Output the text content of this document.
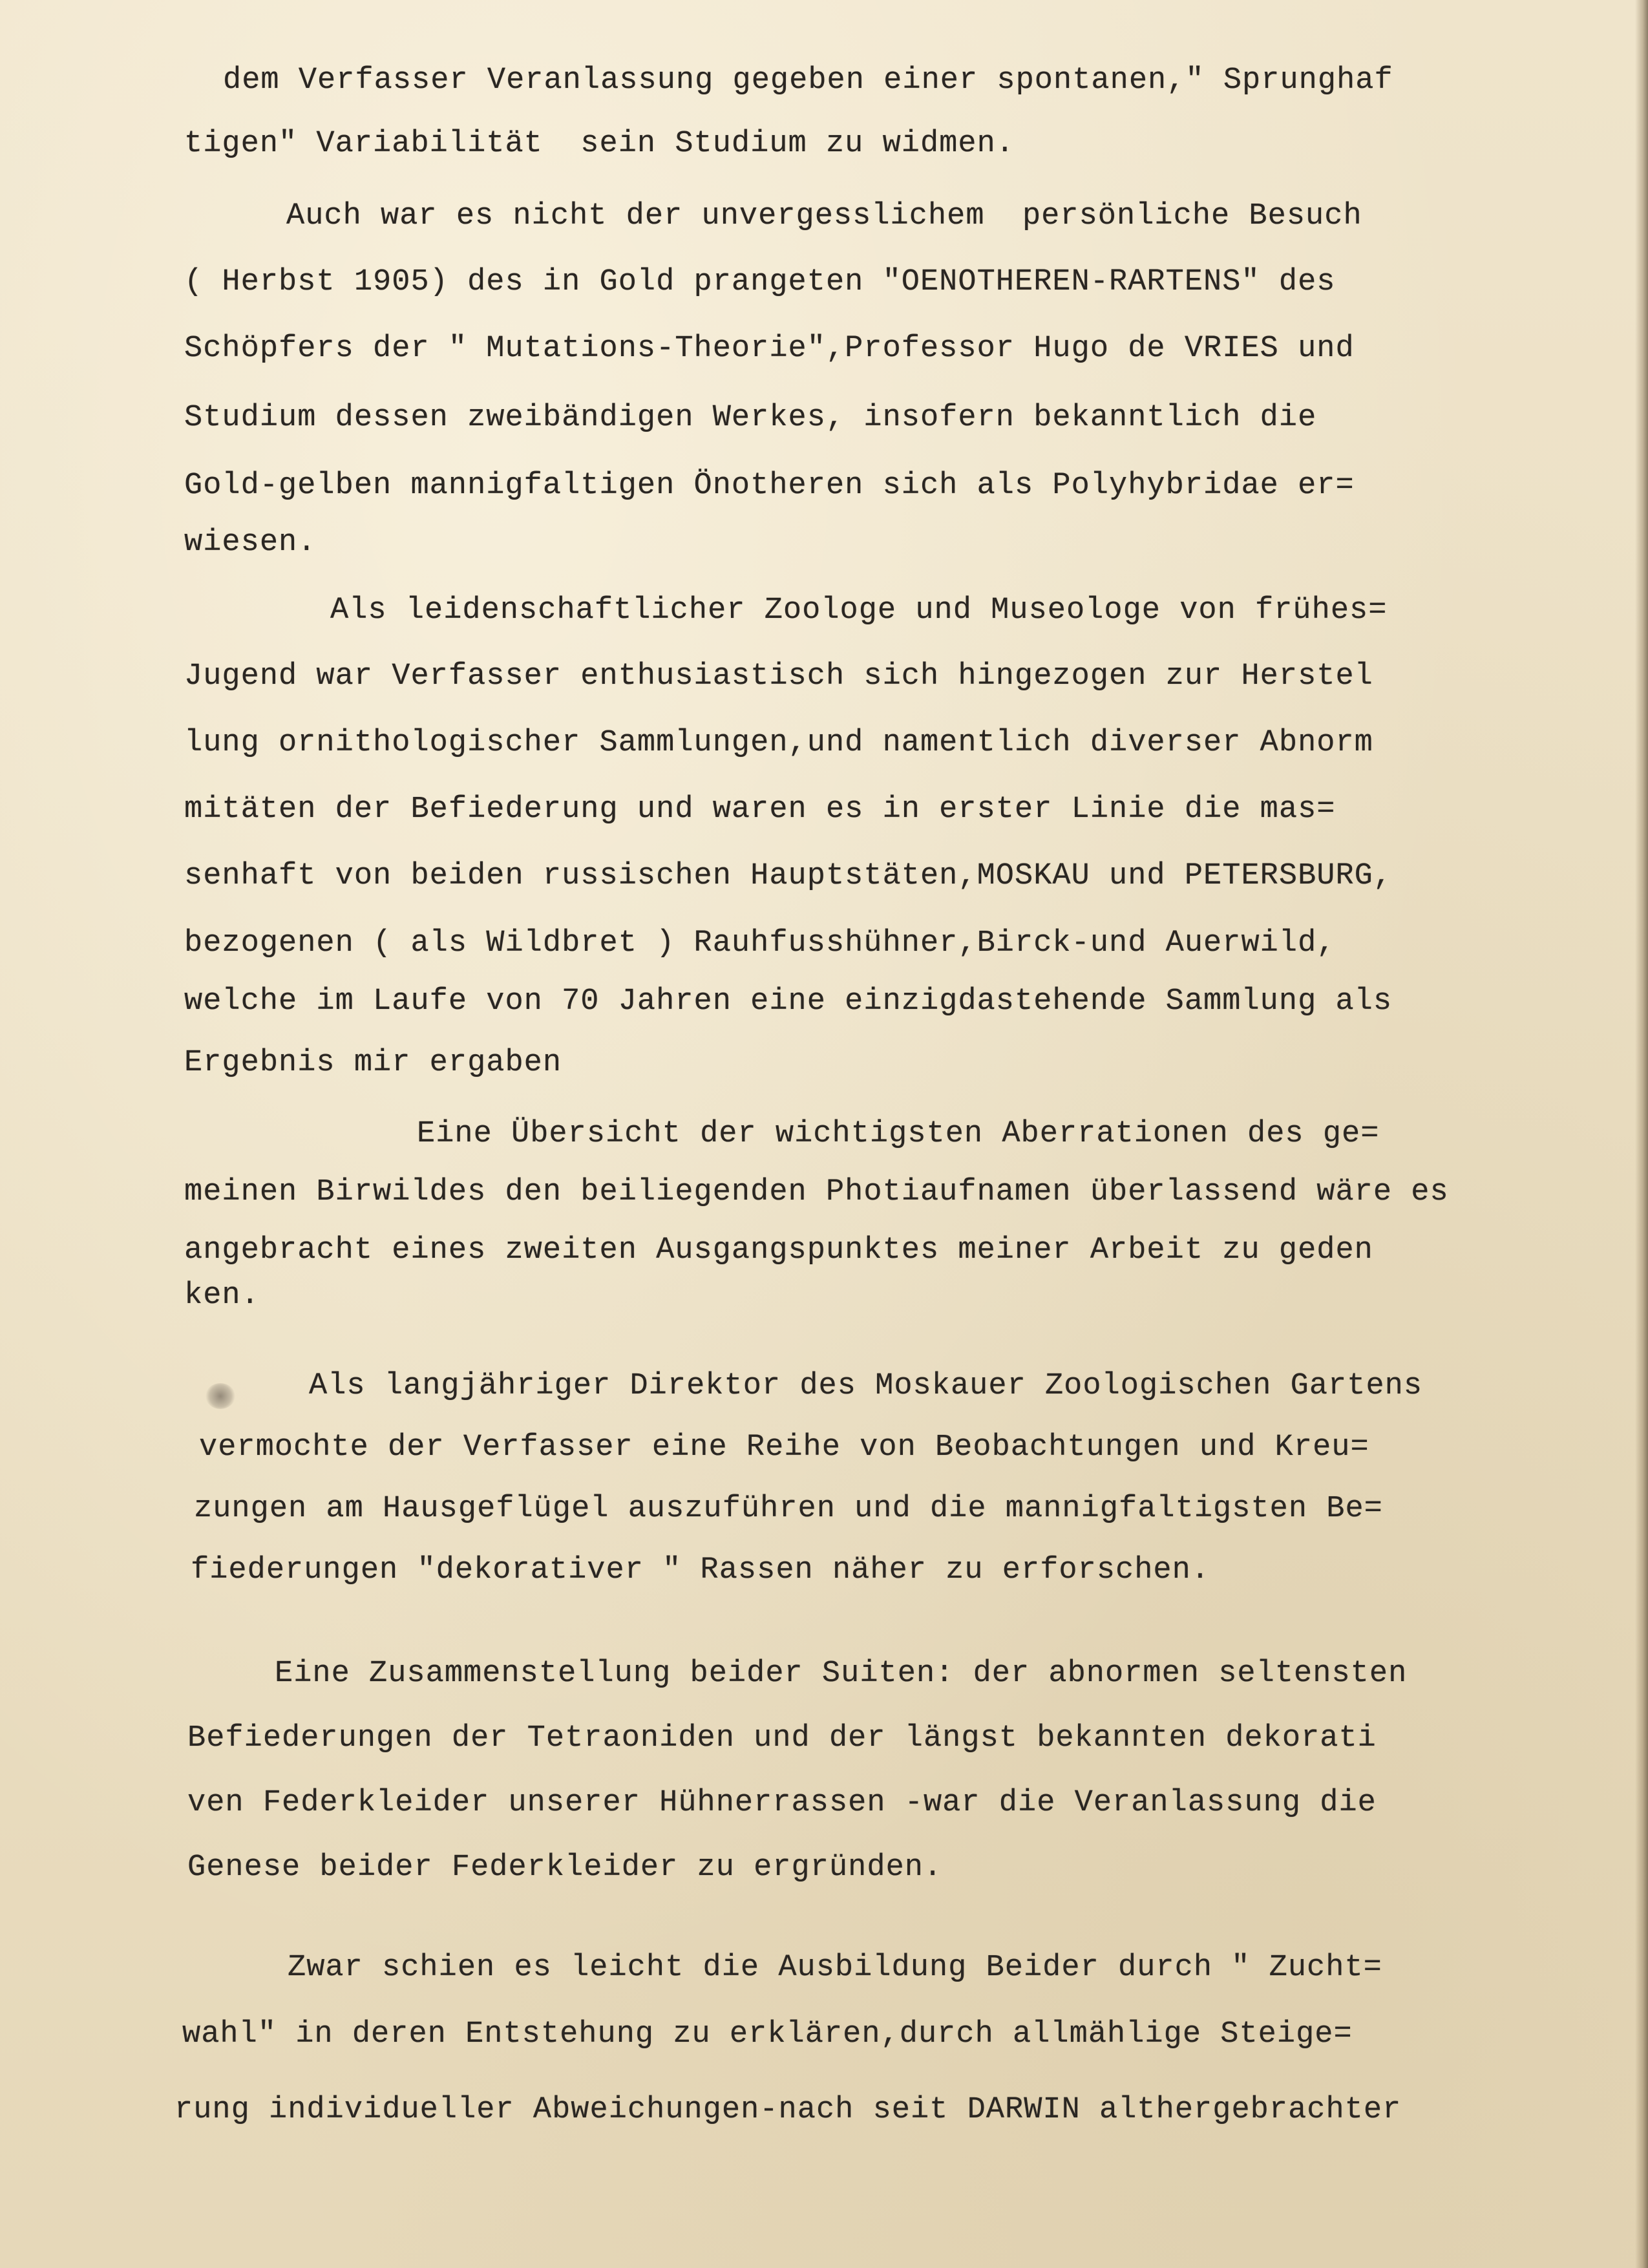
dem Verfasser Veranlassung gegeben einer spontanen," Sprunghaf
tigen" Variabilität  sein Studium zu widmen.
Auch war es nicht der unvergesslichem  persönliche Besuch
( Herbst 1905) des in Gold prangeten "OENOTHEREN-RARTENS" des
Schöpfers der " Mutations-Theorie",Professor Hugo de VRIES und
Studium dessen zweibändigen Werkes, insofern bekanntlich die
Gold-gelben mannigfaltigen Önotheren sich als Polyhybridae er=
wiesen.
Als leidenschaftlicher Zoologe und Museologe von frühes=
Jugend war Verfasser enthusiastisch sich hingezogen zur Herstel
lung ornithologischer Sammlungen,und namentlich diverser Abnorm
mitäten der Befiederung und waren es in erster Linie die mas=
senhaft von beiden russischen Hauptstäten,MOSKAU und PETERSBURG,
bezogenen ( als Wildbret ) Rauhfusshühner,Birck-und Auerwild,
welche im Laufe von 70 Jahren eine einzigdastehende Sammlung als
Ergebnis mir ergaben
Eine Übersicht der wichtigsten Aberrationen des ge=
meinen Birwildes den beiliegenden Photiaufnamen überlassend wäre es
angebracht eines zweiten Ausgangspunktes meiner Arbeit zu geden
ken.
Als langjähriger Direktor des Moskauer Zoologischen Gartens
vermochte der Verfasser eine Reihe von Beobachtungen und Kreu=
zungen am Hausgeflügel auszuführen und die mannigfaltigsten Be=
fiederungen "dekorativer " Rassen näher zu erforschen.
Eine Zusammenstellung beider Suiten: der abnormen seltensten
Befiederungen der Tetraoniden und der längst bekannten dekorati
ven Federkleider unserer Hühnerrassen -war die Veranlassung die
Genese beider Federkleider zu ergründen.
Zwar schien es leicht die Ausbildung Beider durch " Zucht=
wahl" in deren Entstehung zu erklären,durch allmählige Steige=
rung individueller Abweichungen-nach seit DARWIN althergebrachter
